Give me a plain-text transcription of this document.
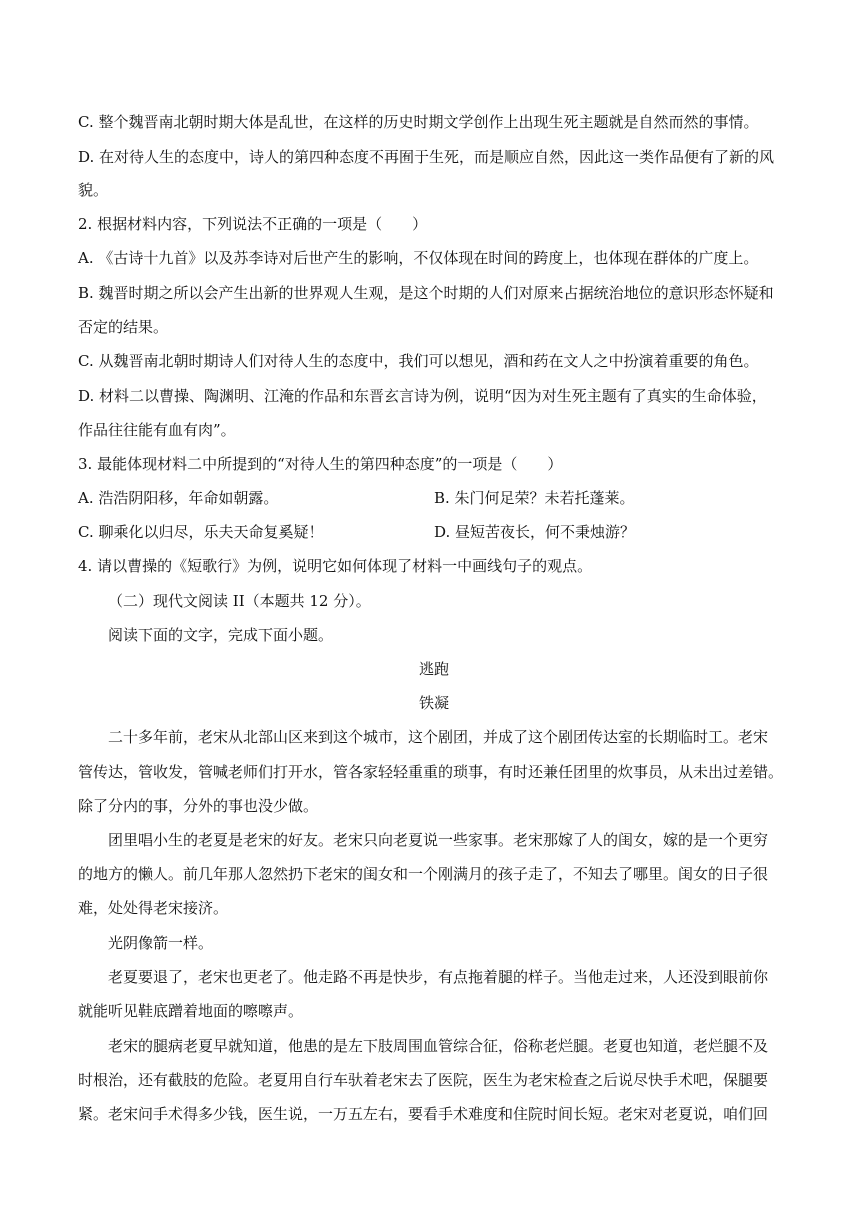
C. 整个魏晋南北朝时期大体是乱世，在这样的历史时期文学创作上出现生死主题就是自然而然的事情。
D. 在对待人生的态度中，诗人的第四种态度不再囿于生死，而是顺应自然，因此这一类作品便有了新的风
貌。
2. 根据材料内容，下列说法不正确的一项是（　　）
A. 《古诗十九首》以及苏李诗对后世产生的影响，不仅体现在时间的跨度上，也体现在群体的广度上。
B. 魏晋时期之所以会产生出新的世界观人生观，是这个时期的人们对原来占据统治地位的意识形态怀疑和
否定的结果。
C. 从魏晋南北朝时期诗人们对待人生的态度中，我们可以想见，酒和药在文人之中扮演着重要的角色。
D. 材料二以曹操、陶渊明、江淹的作品和东晋玄言诗为例，说明“因为对生死主题有了真实的生命体验，
作品往往能有血有肉”。
3. 最能体现材料二中所提到的“对待人生的第四种态度”的一项是（　　）
A. 浩浩阴阳移，年命如朝露。	B. 朱门何足荣？未若托蓬莱。
C. 聊乘化以归尽，乐夫天命复奚疑！	D. 昼短苦夜长，何不秉烛游？
4. 请以曹操的《短歌行》为例，说明它如何体现了材料一中画线句子的观点。
（二）现代文阅读 II（本题共 12 分）。
阅读下面的文字，完成下面小题。
逃跑
铁凝
二十多年前，老宋从北部山区来到这个城市，这个剧团，并成了这个剧团传达室的长期临时工。老宋
管传达，管收发，管喊老师们打开水，管各家轻轻重重的琐事，有时还兼任团里的炊事员，从未出过差错。
除了分内的事，分外的事也没少做。
团里唱小生的老夏是老宋的好友。老宋只向老夏说一些家事。老宋那嫁了人的闺女，嫁的是一个更穷
的地方的懒人。前几年那人忽然扔下老宋的闺女和一个刚满月的孩子走了，不知去了哪里。闺女的日子很
难，处处得老宋接济。
光阴像箭一样。
老夏要退了，老宋也更老了。他走路不再是快步，有点拖着腿的样子。当他走过来，人还没到眼前你
就能听见鞋底蹭着地面的嚓嚓声。
老宋的腿病老夏早就知道，他患的是左下肢周围血管综合征，俗称老烂腿。老夏也知道，老烂腿不及
时根治，还有截肢的危险。老夏用自行车驮着老宋去了医院，医生为老宋检查之后说尽快手术吧，保腿要
紧。老宋问手术得多少钱，医生说，一万五左右，要看手术难度和住院时间长短。老宋对老夏说，咱们回
